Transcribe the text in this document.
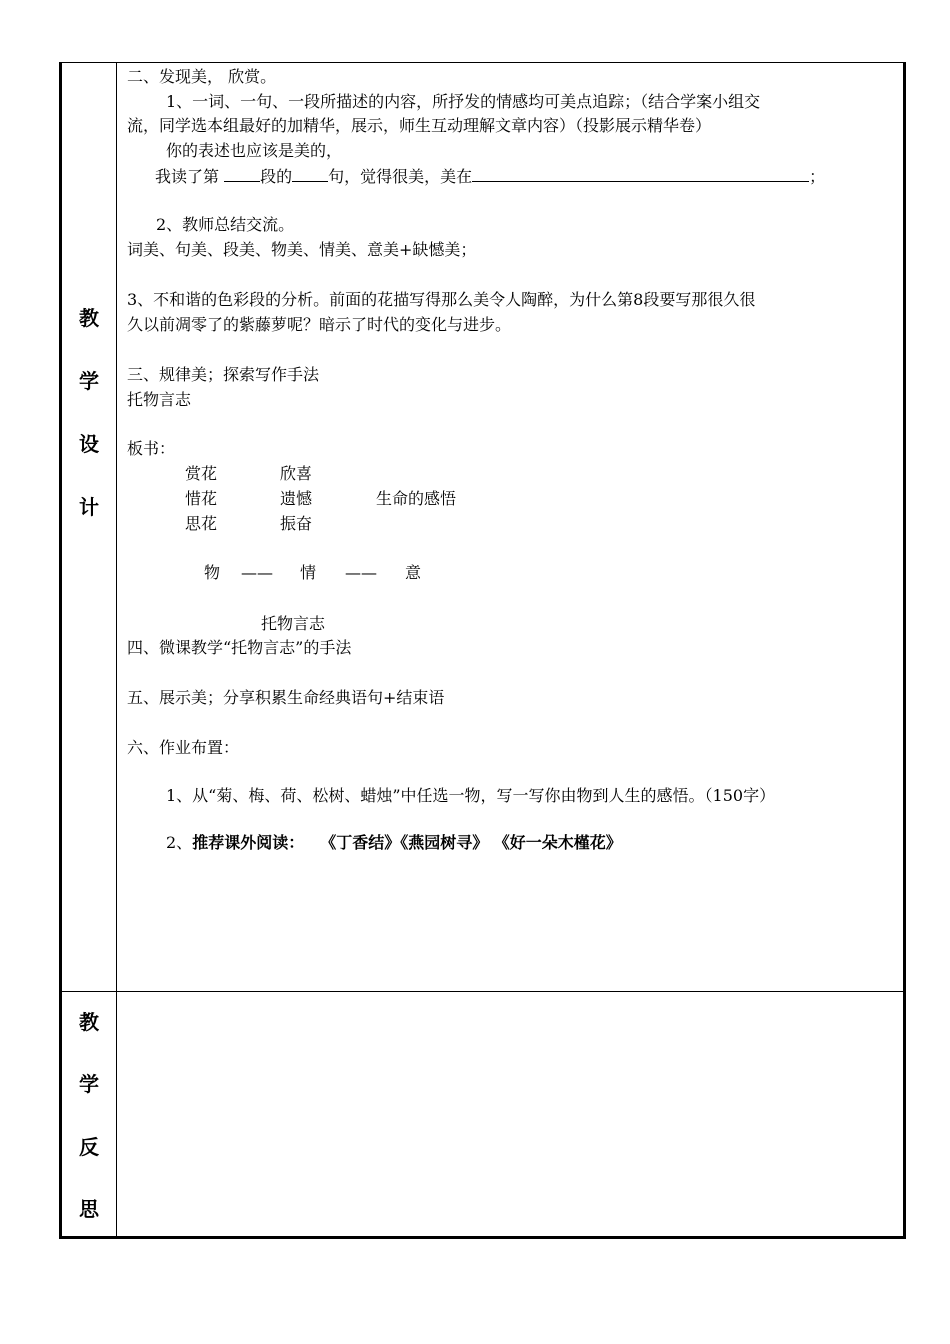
教
学
设
计
教
学
反
思
二、发现美， 欣赏。
1、一词、一句、一段所描述的内容，所抒发的情感均可美点追踪；（结合学案小组交
流，同学选本组最好的加精华，展示，师生互动理解文章内容）（投影展示精华卷）
你的表述也应该是美的，
我读了第	段的 句，觉得很美，美在	；
2、教师总结交流。
词美、句美、段美、物美、情美、意美+缺憾美；
3、不和谐的色彩段的分析。前面的花描写得那么美令人陶醉，为什么第8段要写那很久很
久以前凋零了的紫藤萝呢？暗示了时代的变化与进步。
三、规律美；探索写作手法
托物言志
板书：
赏花	欣喜
惜花	遗憾	生命的感悟
思花	振奋
物 —— 情 —— 意
托物言志
四、微课教学“托物言志”的手法
五、展示美；分享积累生命经典语句+结束语
六、作业布置：
1、从“菊、梅、荷、松树、蜡烛”中任选一物，写一写你由物到人生的感悟。（150字）
2、推荐课外阅读： 《丁香结》《燕园树寻》 《好一朵木槿花》
